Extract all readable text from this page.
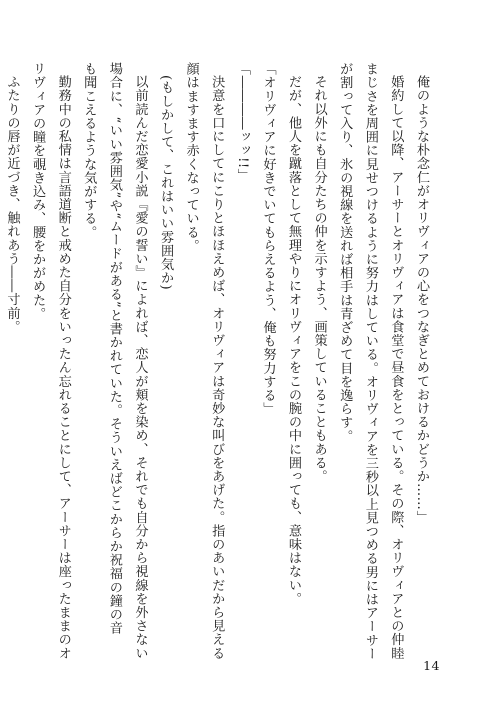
俺のような朴念仁がオリヴィアの心をつなぎとめておけるかどうか……」

婚約して以降、アーサーとオリヴィアは食堂で昼食をとっている。その際、オリヴィアとの仲睦

まじさを周囲に見せつけるように努力はしている。オリヴィアを三秒以上見つめる男にはアーサー

が割って入り、氷の視線を送れば相手は青ざめて目を逸らす。

それ以外にも自分たちの仲を示すよう、画策していることもある。

だが、他人を蹴落として無理やりにオリヴィアをこの腕の中に囲っても、意味はない。

「オリヴィアに好きでいてもらえるよう、俺も努力する」

「――――ッッ!!」

決意を口にしてにこりとほほえめば、オリヴィアは奇妙な叫びをあげた。指のあいだから見える

顔はますます赤くなっている。

(もしかして、これはいい雰囲気か)

以前読んだ恋愛小説『愛の誓い』によれば、恋人が頬を染め、それでも自分から視線を外さない

場合に、“いい雰囲気”や“ムードがある”と書かれていた。そういえばどこからか祝福の鐘の音

も聞こえるような気がする。

勤務中の私情は言語道断と戒めた自分をいったん忘れることにして、アーサーは座ったままのオ

リヴィアの瞳を覗き込み、腰をかがめた。

ふたりの唇が近づき、触れあう――寸前。

14
